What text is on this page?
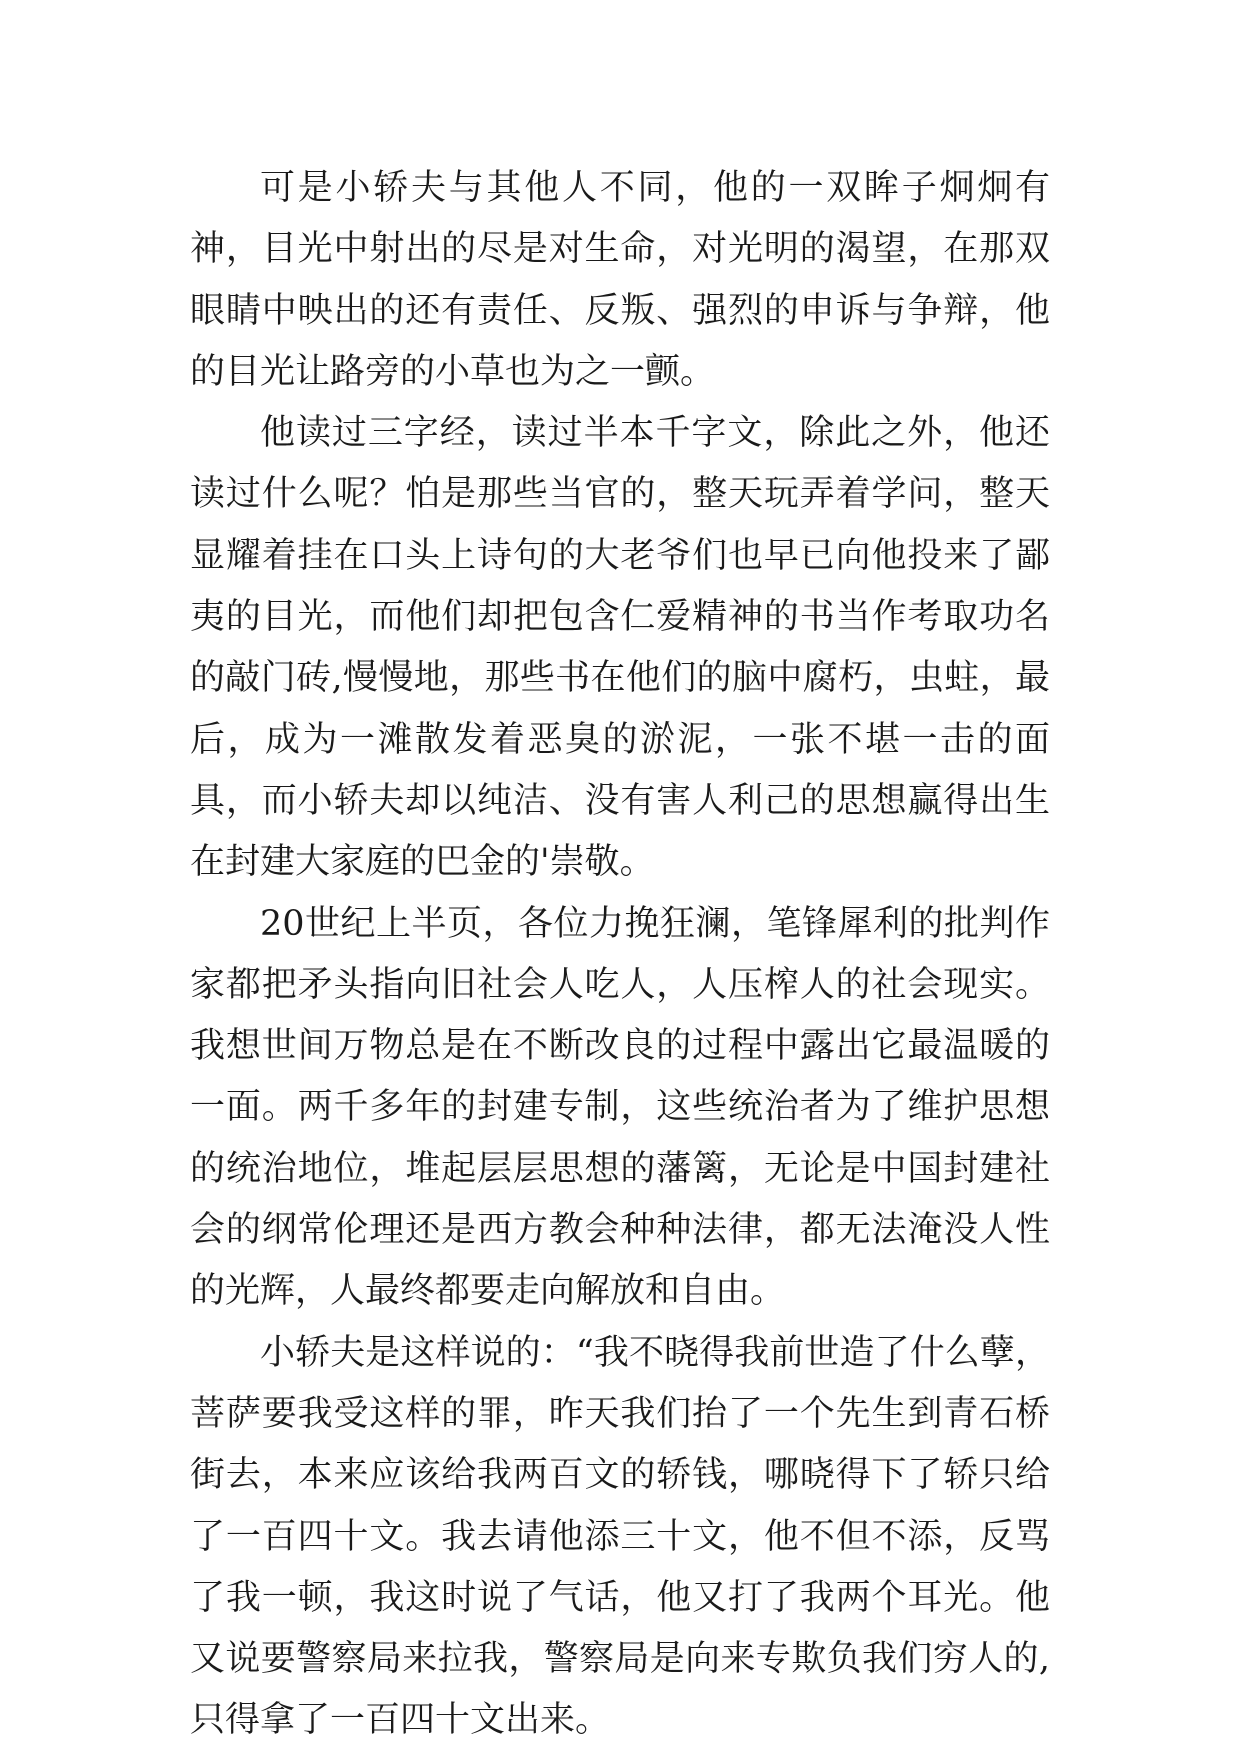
可是小轿夫与其他人不同，他的一双眸子炯炯有神，目光中射出的尽是对生命，对光明的渴望，在那双眼睛中映出的还有责任、反叛、强烈的申诉与争辩，他的目光让路旁的小草也为之一颤。

他读过三字经，读过半本千字文，除此之外，他还读过什么呢？怕是那些当官的，整天玩弄着学问，整天显耀着挂在口头上诗句的大老爷们也早已向他投来了鄙夷的目光，而他们却把包含仁爱精神的书当作考取功名的敲门砖,慢慢地，那些书在他们的脑中腐朽，虫蛀，最后，成为一滩散发着恶臭的淤泥，一张不堪一击的面具，而小轿夫却以纯洁、没有害人利己的思想赢得出生在封建大家庭的巴金的'崇敬。

20世纪上半页，各位力挽狂澜，笔锋犀利的批判作家都把矛头指向旧社会人吃人，人压榨人的社会现实。我想世间万物总是在不断改良的过程中露出它最温暖的一面。两千多年的封建专制，这些统治者为了维护思想的统治地位，堆起层层思想的藩篱，无论是中国封建社会的纲常伦理还是西方教会种种法律，都无法淹没人性的光辉，人最终都要走向解放和自由。

小轿夫是这样说的：“我不晓得我前世造了什么孽，菩萨要我受这样的罪，昨天我们抬了一个先生到青石桥街去，本来应该给我两百文的轿钱，哪晓得下了轿只给了一百四十文。我去请他添三十文，他不但不添，反骂了我一顿，我这时说了气话，他又打了我两个耳光。他又说要警察局来拉我，警察局是向来专欺负我们穷人的,只得拿了一百四十文出来。
